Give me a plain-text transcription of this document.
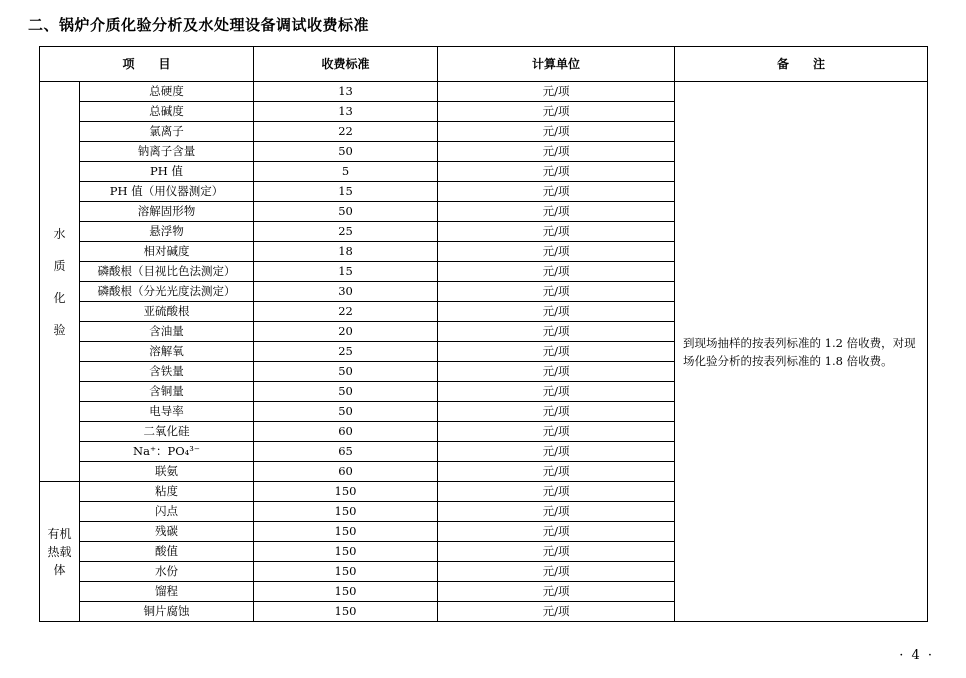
二、锅炉介质化验分析及水处理设备调试收费标准
项　　目		收费标准	计算单位	备　　注
水
质
化
验	总硬度	13	元/项	到现场抽样的按表列标准的 1.2 倍收费，对现场化验分析的按表列标准的 1.8 倍收费。
	总碱度	13	元/项	
	氯离子	22	元/项	
	钠离子含量	50	元/项	
	PH 值	5	元/项	
	PH 值（用仪器测定）	15	元/项	
	溶解固形物	50	元/项	
	悬浮物	25	元/项	
	相对碱度	18	元/项	
	磷酸根（目视比色法测定）	15	元/项	
	磷酸根（分光光度法测定）	30	元/项	
	亚硫酸根	22	元/项	
	含油量	20	元/项	
	溶解氧	25	元/项	
	含铁量	50	元/项	
	含铜量	50	元/项	
	电导率	50	元/项	
	二氧化硅	60	元/项	
	Na⁺：PO₄³⁻	65	元/项	
	联氨	60	元/项	
有机
热载
体	粘度	150	元/项	
	闪点	150	元/项	
	残碳	150	元/项	
	酸值	150	元/项	
	水份	150	元/项	
	馏程	150	元/项	
	铜片腐蚀	150	元/项	
· 4 ·
